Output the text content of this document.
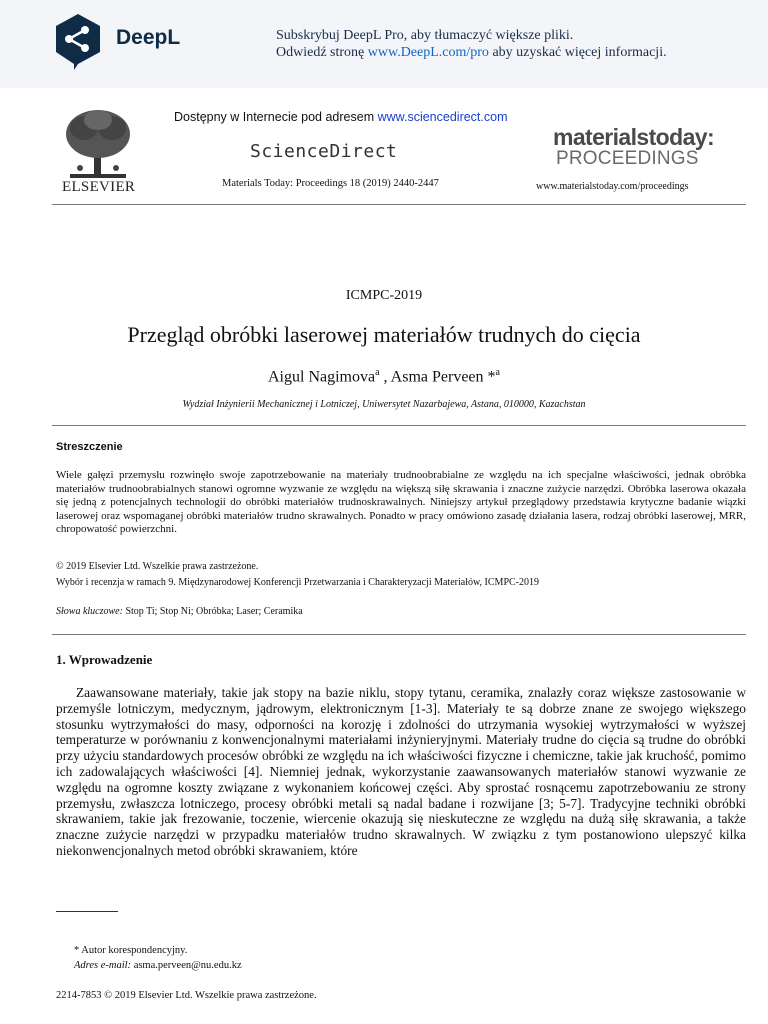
DeepL	Subskrybuj DeepL Pro, aby tłumaczyć większe pliki.
Odwiedź stronę www.DeepL.com/pro aby uzyskać więcej informacji.
ELSEVIER
Dostępny w Internecie pod adresem www.sciencedirect.com
ScienceDirect
Materials Today: Proceedings 18 (2019) 2440-2447
materialstoday:
PROCEEDINGS
www.materialstoday.com/proceedings
ICMPC-2019
Przegląd obróbki laserowej materiałów trudnych do cięcia
Aigul Nagimova$^a$ , Asma Perveen *$^a$
Wydział Inżynierii Mechanicznej i Lotniczej, Uniwersytet Nazarbajewa, Astana, 010000, Kazachstan
Streszczenie
Wiele gałęzi przemysłu rozwinęło swoje zapotrzebowanie na materiały trudnoobrabialne ze względu na ich specjalne właściwości, jednak obróbka materiałów trudnoobrabialnych stanowi ogromne wyzwanie ze względu na większą siłę skrawania i znaczne zużycie narzędzi. Obróbka laserowa okazała się jedną z potencjalnych technologii do obróbki materiałów trudnoskrawalnych. Niniejszy artykuł przeglądowy przedstawia krytyczne badanie wiązki laserowej oraz wspomaganej obróbki materiałów trudno skrawalnych. Ponadto w pracy omówiono zasadę działania lasera, rodzaj obróbki laserowej, MRR, chropowatość powierzchni.
© 2019 Elsevier Ltd. Wszelkie prawa zastrzeżone.
Wybór i recenzja w ramach 9. Międzynarodowej Konferencji Przetwarzania i Charakteryzacji Materiałów, ICMPC-2019
Słowa kluczowe: Stop Ti; Stop Ni; Obróbka; Laser; Ceramika
1. Wprowadzenie
Zaawansowane materiały, takie jak stopy na bazie niklu, stopy tytanu, ceramika, znalazły coraz większe zastosowanie w przemyśle lotniczym, medycznym, jądrowym, elektronicznym [1-3]. Materiały te są dobrze znane ze swojego większego stosunku wytrzymałości do masy, odporności na korozję i zdolności do utrzymania wysokiej wytrzymałości w wyższej temperaturze w porównaniu z konwencjonalnymi materiałami inżynieryjnymi. Materiały trudne do cięcia są trudne do obróbki przy użyciu standardowych procesów obróbki ze względu na ich właściwości fizyczne i chemiczne, takie jak kruchość, pomimo ich zadowalających właściwości [4]. Niemniej jednak, wykorzystanie zaawansowanych materiałów stanowi wyzwanie ze względu na ogromne koszty związane z wykonaniem końcowej części. Aby sprostać rosnącemu zapotrzebowaniu ze strony przemysłu, zwłaszcza lotniczego, procesy obróbki metali są nadal badane i rozwijane [3; 5-7]. Tradycyjne techniki obróbki skrawaniem, takie jak frezowanie, toczenie, wiercenie okazują się nieskuteczne ze względu na dużą siłę skrawania, a także znaczne zużycie narzędzi w przypadku materiałów trudno skrawalnych. W związku z tym postanowiono ulepszyć kilka niekonwencjonalnych metod obróbki skrawaniem, które
* Autor korespondencyjny.
Adres e-mail: asma.perveen@nu.edu.kz
2214-7853 © 2019 Elsevier Ltd. Wszelkie prawa zastrzeżone.
